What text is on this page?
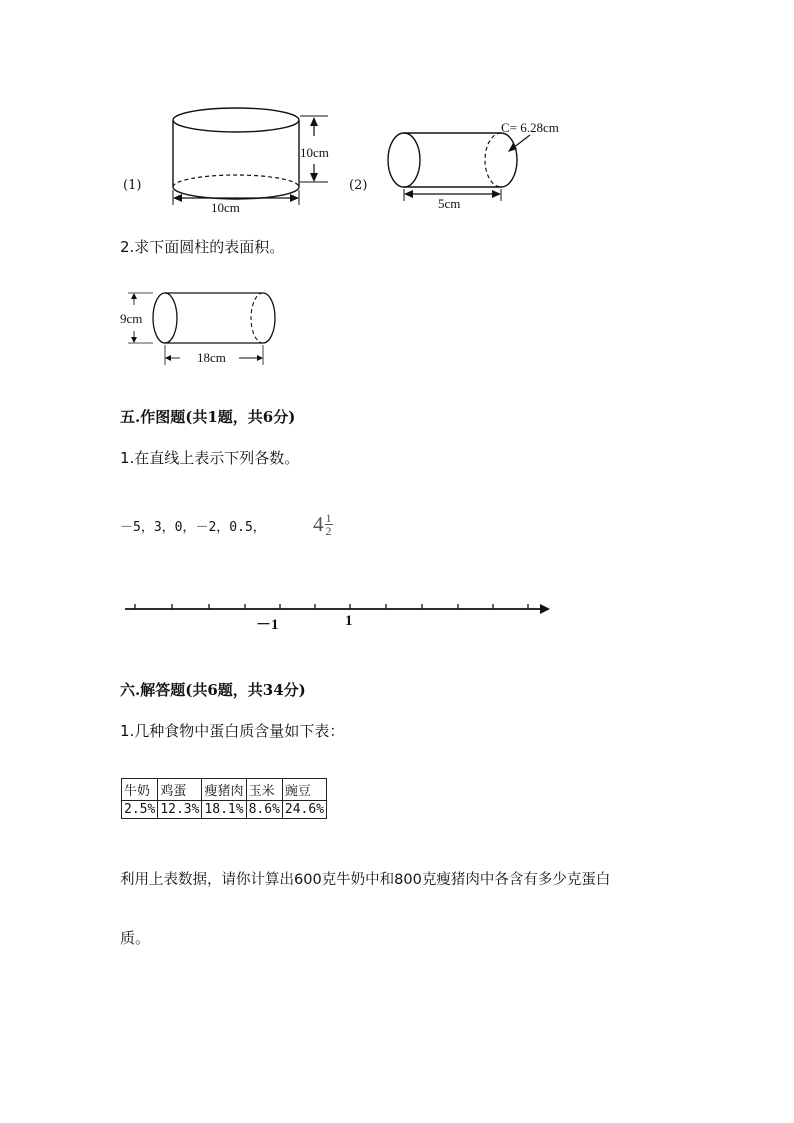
(1)
10cm
10cm
(2)
C= 6.28cm
5cm
2.求下面圆柱的表面积。
9cm
18cm
五.作图题(共1题，共6分)
1.在直线上表示下列各数。
－5，3，0，－2，0.5， $4 \frac{1}{2}$
－1	1
六.解答题(共6题，共34分)
1.几种食物中蛋白质含量如下表：
牛奶	鸡蛋	瘦猪肉	玉米	豌豆
2.5%	12.3%	18.1%	8.6%	24.6%
利用上表数据，请你计算出600克牛奶中和800克瘦猪肉中各含有多少克蛋白
质。
